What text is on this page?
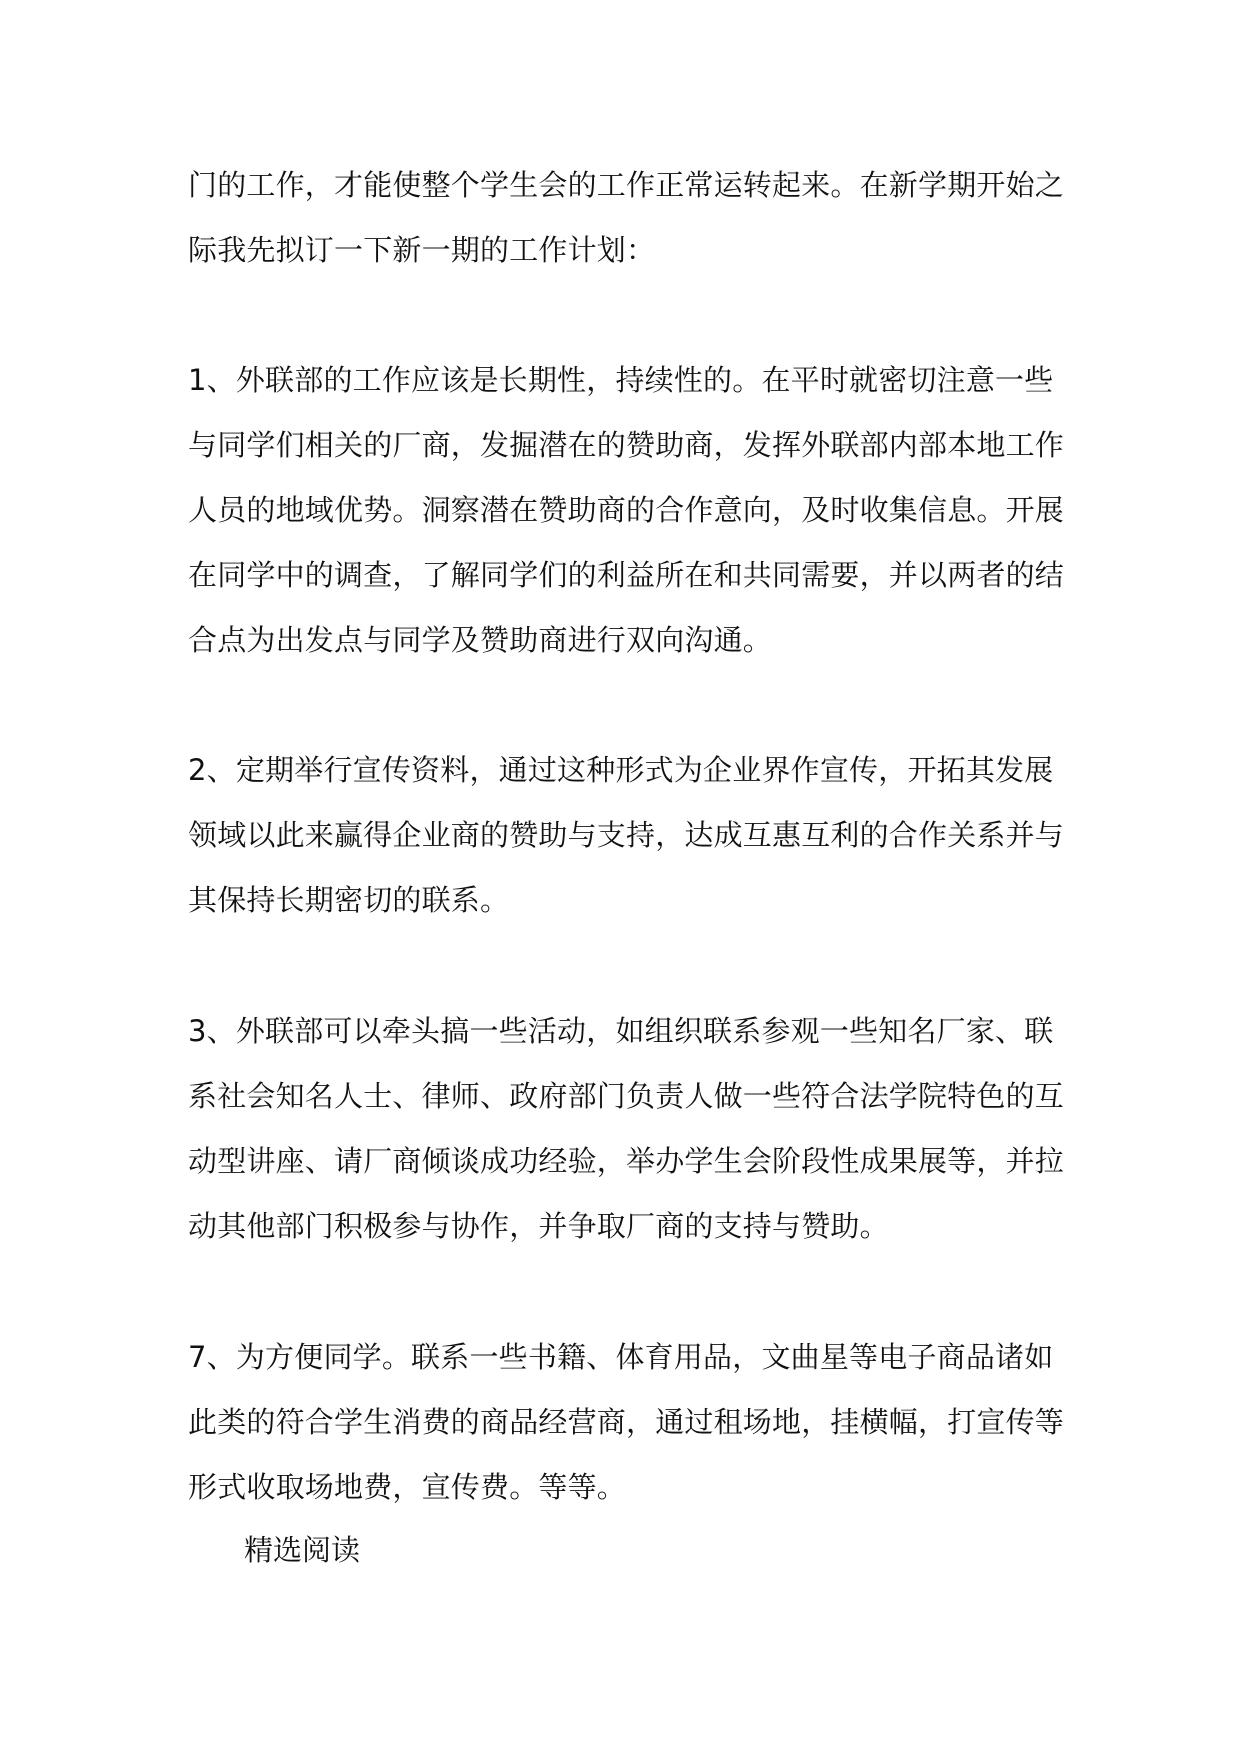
门的工作，才能使整个学生会的工作正常运转起来。在新学期开始之
际我先拟订一下新一期的工作计划：

1、外联部的工作应该是长期性，持续性的。在平时就密切注意一些
与同学们相关的厂商，发掘潜在的赞助商，发挥外联部内部本地工作
人员的地域优势。洞察潜在赞助商的合作意向，及时收集信息。开展
在同学中的调查，了解同学们的利益所在和共同需要，并以两者的结
合点为出发点与同学及赞助商进行双向沟通。

2、定期举行宣传资料，通过这种形式为企业界作宣传，开拓其发展
领域以此来赢得企业商的赞助与支持，达成互惠互利的合作关系并与
其保持长期密切的联系。

3、外联部可以牵头搞一些活动，如组织联系参观一些知名厂家、联
系社会知名人士、律师、政府部门负责人做一些符合法学院特色的互
动型讲座、请厂商倾谈成功经验，举办学生会阶段性成果展等，并拉
动其他部门积极参与协作，并争取厂商的支持与赞助。

7、为方便同学。联系一些书籍、体育用品，文曲星等电子商品诸如
此类的符合学生消费的商品经营商，通过租场地，挂横幅，打宣传等
形式收取场地费，宣传费。等等。

精选阅读
